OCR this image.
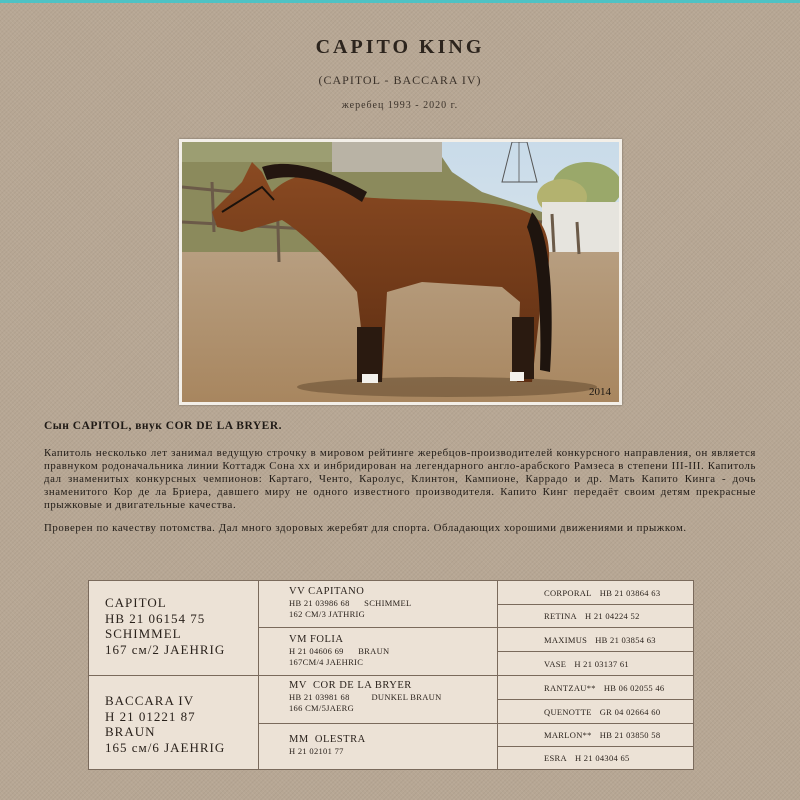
CAPITO KING
(CAPITOL - BACCARA IV)
жеребец 1993 - 2020 г.
2014
Сын CAPITOL, внук COR DE LA BRYER.
Капитоль несколько лет занимал ведущую строчку в мировом рейтинге жеребцов-производителей конкурсного направления, он является правнуком родоначальника линии Коттадж Сона хх и инбридирован на легендарного англо-арабского Рамзеса в степени III-III. Капитоль дал знаменитых конкурсных чемпионов: Картаго, Ченто, Каролус, Клинтон, Кампионе, Каррадо и др. Мать Капито Кинга - дочь знаменитого Кор де ла Бриера, давшего миру не одного известного производителя. Капито Кинг передаёт своим детям прекрасные прыжковые и двигательные качества.
Проверен по качеству потомства. Дал много здоровых жеребят для спорта. Обладающих хорошими движениями и прыжком.
CAPITOL
HB 21 06154 75
SCHIMMEL
167 см/2 JAEHRIG
BACCARA IV
H 21 01221 87
BRAUN
165 см/6 JAEHRIG
VV CAPITANO
HB 21 03986 68      SCHIMMEL
162 CM/3 JATHRIG
VM FOLIA
H 21 04606 69      BRAUN
167CM/4 JAEHRIC
MV  COR DE LA BRYER
HB 21 03981 68         DUNKEL BRAUN
166 CM/5JAERG
MM  OLESTRA
H 21 02101 77
CORPORAL HB 21 03864 63
RETINA H 21 04224 52
MAXIMUS HB 21 03854 63
VASE H 21 03137 61
RANTZAU** HB 06 02055 46
QUENOTTE GR 04 02664 60
MARLON** HB 21 03850 58
ESRA H 21 04304 65
